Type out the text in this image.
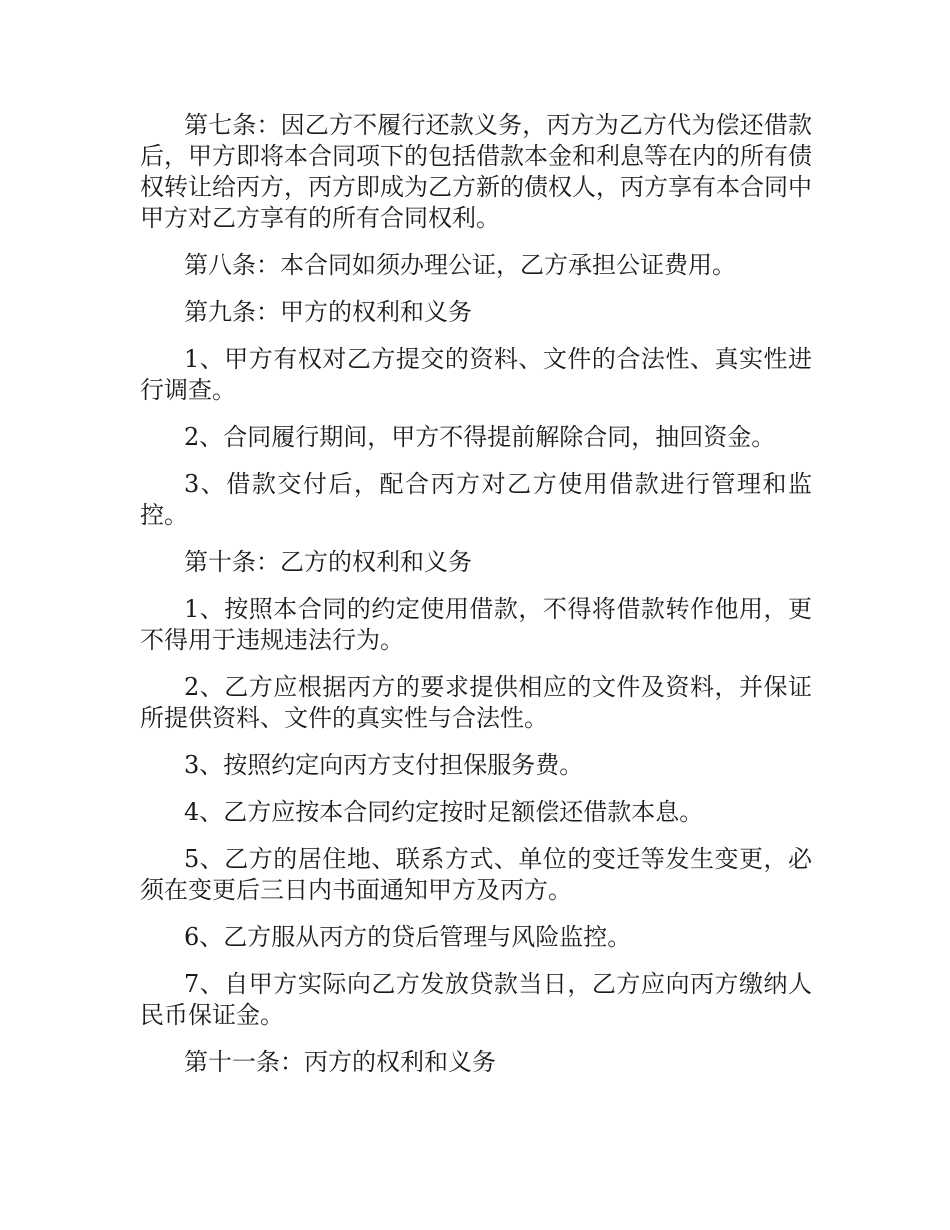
第七条：因乙方不履行还款义务，丙方为乙方代为偿还借款后，甲方即将本合同项下的包括借款本金和利息等在内的所有债权转让给丙方，丙方即成为乙方新的债权人，丙方享有本合同中甲方对乙方享有的所有合同权利。

第八条：本合同如须办理公证，乙方承担公证费用。

第九条：甲方的权利和义务

1、甲方有权对乙方提交的资料、文件的合法性、真实性进行调查。

2、合同履行期间，甲方不得提前解除合同，抽回资金。

3、借款交付后，配合丙方对乙方使用借款进行管理和监控。

第十条：乙方的权利和义务

1、按照本合同的约定使用借款，不得将借款转作他用，更不得用于违规违法行为。

2、乙方应根据丙方的要求提供相应的文件及资料，并保证所提供资料、文件的真实性与合法性。

3、按照约定向丙方支付担保服务费。

4、乙方应按本合同约定按时足额偿还借款本息。

5、乙方的居住地、联系方式、单位的变迁等发生变更，必须在变更后三日内书面通知甲方及丙方。

6、乙方服从丙方的贷后管理与风险监控。

7、自甲方实际向乙方发放贷款当日，乙方应向丙方缴纳人民币保证金。

第十一条：丙方的权利和义务
